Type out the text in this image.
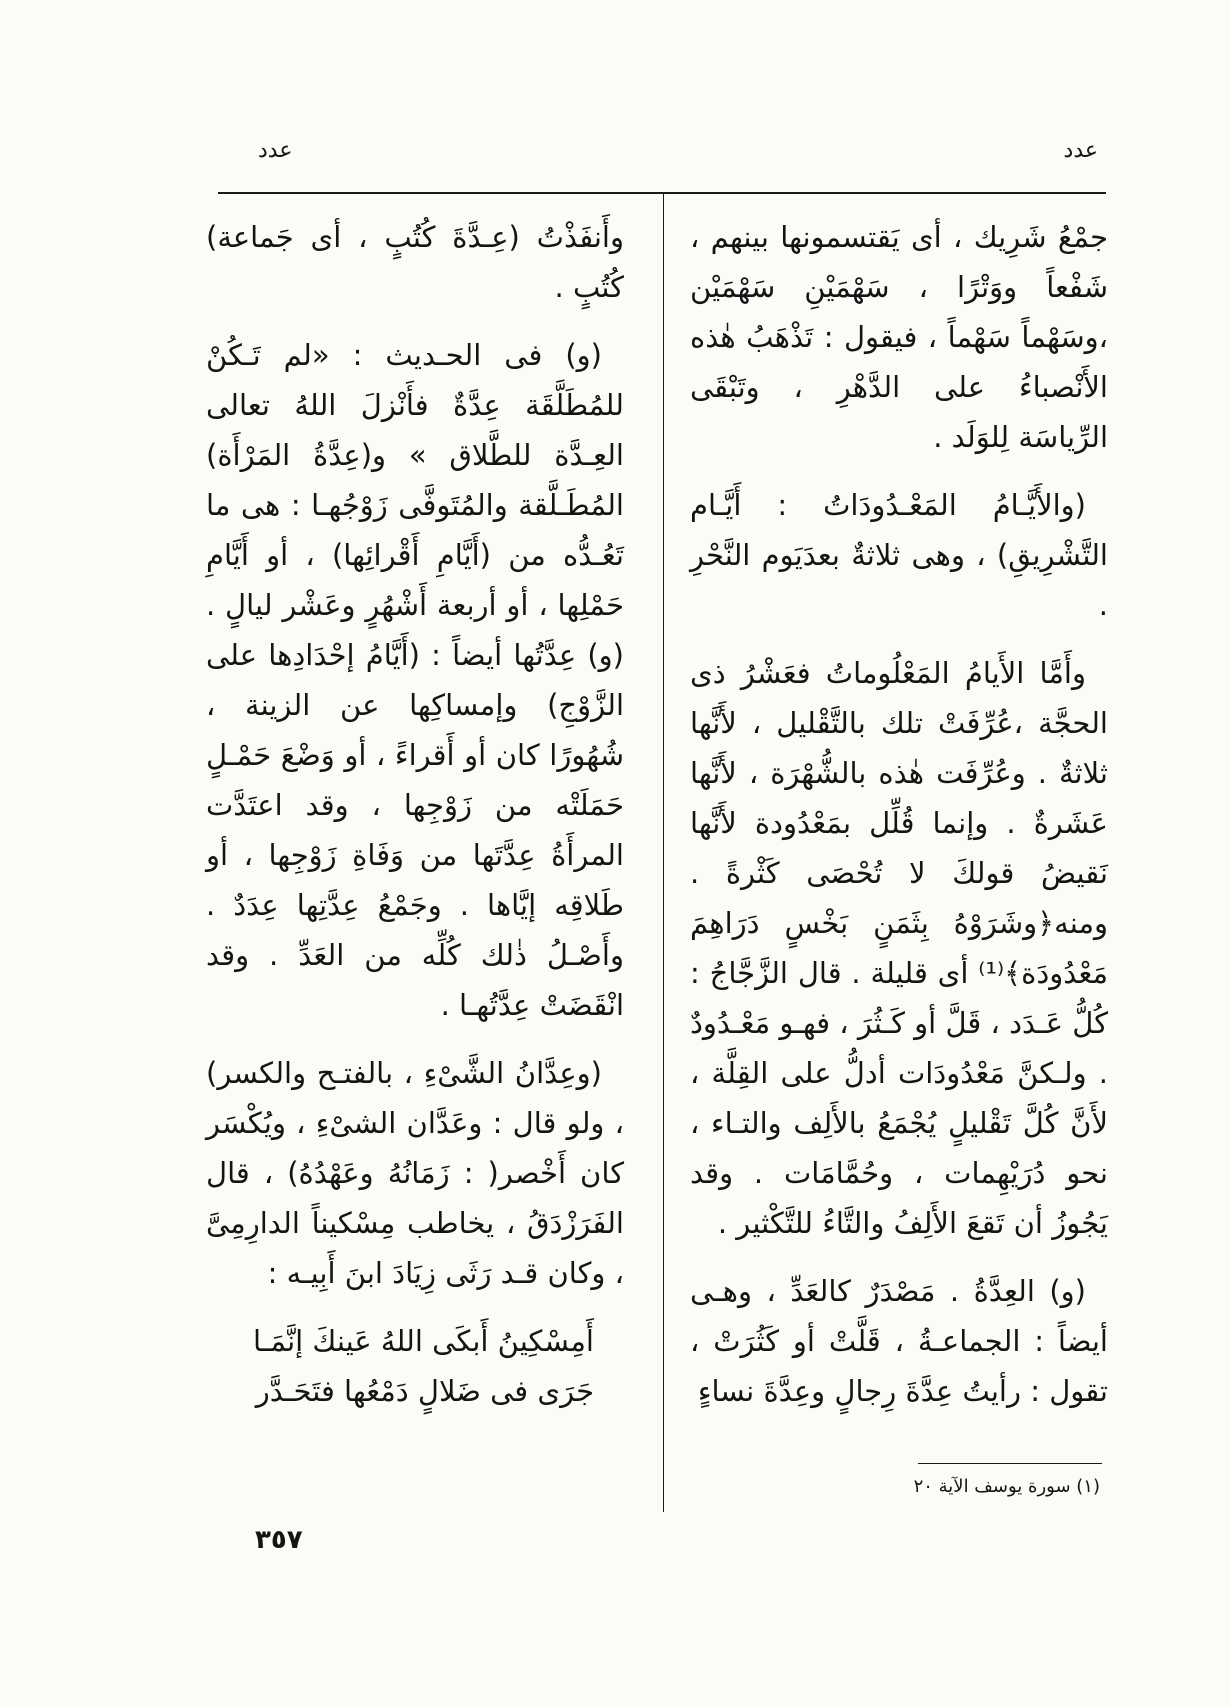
عدد
عدد

جمْعُ شَرِيك ، أى يَقتسمونها بينهم ، شَفْعاً ووَتْرًا ، سَهْمَيْنِ سَهْمَيْن ،وسَهْماً سَهْماً ، فيقول : تَذْهَبُ هٰذه الأَنْصباءُ على الدَّهْرِ ، وتَبْقَى الرِّياسَة لِلوَلَد .

(والأَيَّـامُ المَعْـدُودَاتُ : أَيَّـام التَّشْرِيقِ) ، وهى ثلاثةٌ بعدَيَوم النَّحْرِ .

وأَمَّا الأَيامُ المَعْلُوماتُ فعَشْرُ ذى الحجَّة ،عُرِّفَتْ تلك بالتَّقْليل ، لأَنَّها ثلاثةٌ . وعُرِّفَت هٰذه بالشُّهْرَة ، لأَنَّها عَشَرةٌ . وإنما قُلِّل بمَعْدُودة لأَنَّها نَقيضُ قولكَ لا تُحْصَى كَثْرةً . ومنه﴿وشَرَوْهُ بِثَمَنٍ بَخْسٍ دَرَاهِمَ مَعْدُودَة﴾⁽¹⁾ أى قليلة . قال الزَّجَّاجُ : كُلُّ عَـدَد ، قَلَّ أو كَـثُرَ ، فهـو مَعْـدُودٌ . ولـكنَّ مَعْدُودَات أدلُّ على القِلَّة ، لأَنَّ كُلَّ تَقْليلٍ يُجْمَعُ بالأَلِف والتـاء ، نحو دُرَيْهِمات ، وحُمَّامَات . وقد يَجُوزُ أن تَقعَ الأَلِفُ والتَّاءُ للتَّكْثير .

(و) العِدَّةُ . مَصْدَرٌ كالعَدِّ ، وهـى أيضاً : الجماعـةُ ، قَلَّتْ أو كَثُرَتْ ، تقول : رأيتُ عِدَّةَ رِجالٍ وعِدَّةَ نساءٍ

وأَنفَذْتُ (عِـدَّةَ كُتُبٍ ، أى جَماعة) كُتُبٍ .

(و) فى الحـديث : «لم تَـكُنْ للمُطَلَّقَة عِدَّةٌ فأَنْزلَ اللهُ تعالى العِـدَّة للطَّلاق » و(عِدَّةُ المَرْأَة) المُطَـلَّقة والمُتَوفَّى زَوْجُهـا : هى ما تَعُـدُّه من (أَيَّامِ أَقْرائِها) ، أو أَيَّامِ حَمْلِها ، أو أربعة أَشْهُرٍ وعَشْر ليالٍ . (و) عِدَّتُها أيضاً : (أَيَّامُ إحْدَادِها على الزَّوْجِ) وإمساكِها عن الزينة ، شُهُورًا كان أو أَقراءً ، أو وَضْعَ حَمْـلٍ حَمَلَتْه من زَوْجِها ، وقد اعتَدَّت المرأَةُ عِدَّتَها من وَفَاةِ زَوْجِها ، أو طَلاقِه إيَّاها . وجَمْعُ عِدَّتِها عِدَدٌ . وأَصْـلُ ذٰلك كُلِّه من العَدِّ . وقد انْقَضَتْ عِدَّتُهـا .

(وعِدَّانُ الشَّىْءِ ، بالفتـح والكسر) ، ولو قال : وعَدَّان الشىْءِ ، ويُكْسَر كان أَخْصر( : زَمَانُهُ وعَهْدُهُ) ، قال الفَرَزْدَقُ ، يخاطب مِسْكيناً الدارِمِىَّ ، وكان قـد رَثَى زِيَادَ ابنَ أَبِيـه :

أَمِسْكِينُ أَبكَى اللهُ عَينكَ إنَّمَـا

جَرَى فى ضَلالٍ دَمْعُها فتَحَـدَّر

(١) سورة يوسف الآية ٢٠
٣٥٧
